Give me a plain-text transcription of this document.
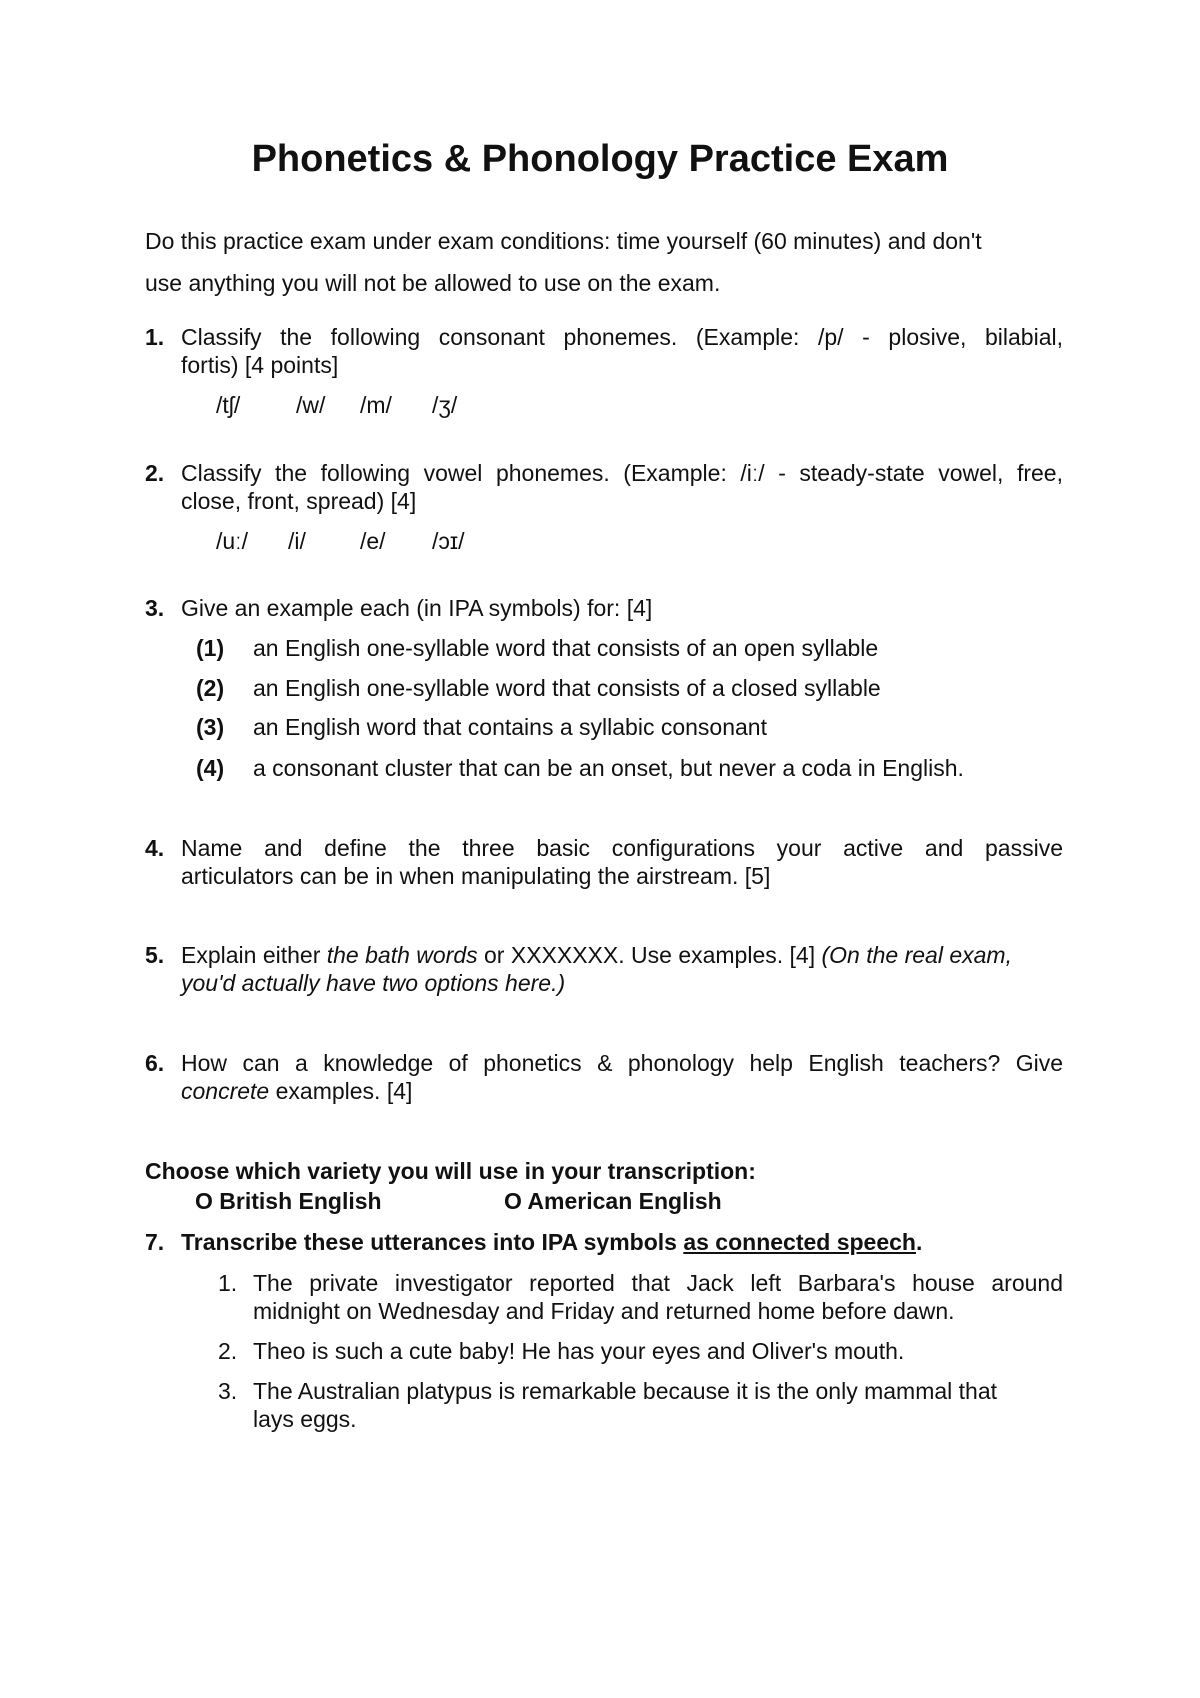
Phonetics & Phonology Practice Exam
Do this practice exam under exam conditions: time yourself (60 minutes) and don't
use anything you will not be allowed to use on the exam.
1. Classify the following consonant phonemes. (Example: /p/ - plosive, bilabial,
fortis) [4 points]
/tʃ/ /w/ /m/ /ʒ/
2. Classify the following vowel phonemes. (Example: /iː/ - steady-state vowel, free,
close, front, spread) [4]
/uː/ /i/ /e/ /ɔɪ/
3. Give an example each (in IPA symbols) for: [4]
(1) an English one-syllable word that consists of an open syllable
(2) an English one-syllable word that consists of a closed syllable
(3) an English word that contains a syllabic consonant
(4) a consonant cluster that can be an onset, but never a coda in English.
4. Name and define the three basic configurations your active and passive
articulators can be in when manipulating the airstream. [5]
5. Explain either the bath words or XXXXXXX. Use examples. [4] (On the real exam,
you'd actually have two options here.)
6. How can a knowledge of phonetics & phonology help English teachers? Give
concrete examples. [4]
Choose which variety you will use in your transcription:
O British English	O American English
7. Transcribe these utterances into IPA symbols as connected speech.
1. The private investigator reported that Jack left Barbara's house around
midnight on Wednesday and Friday and returned home before dawn.
2. Theo is such a cute baby! He has your eyes and Oliver's mouth.
3. The Australian platypus is remarkable because it is the only mammal that
lays eggs.
